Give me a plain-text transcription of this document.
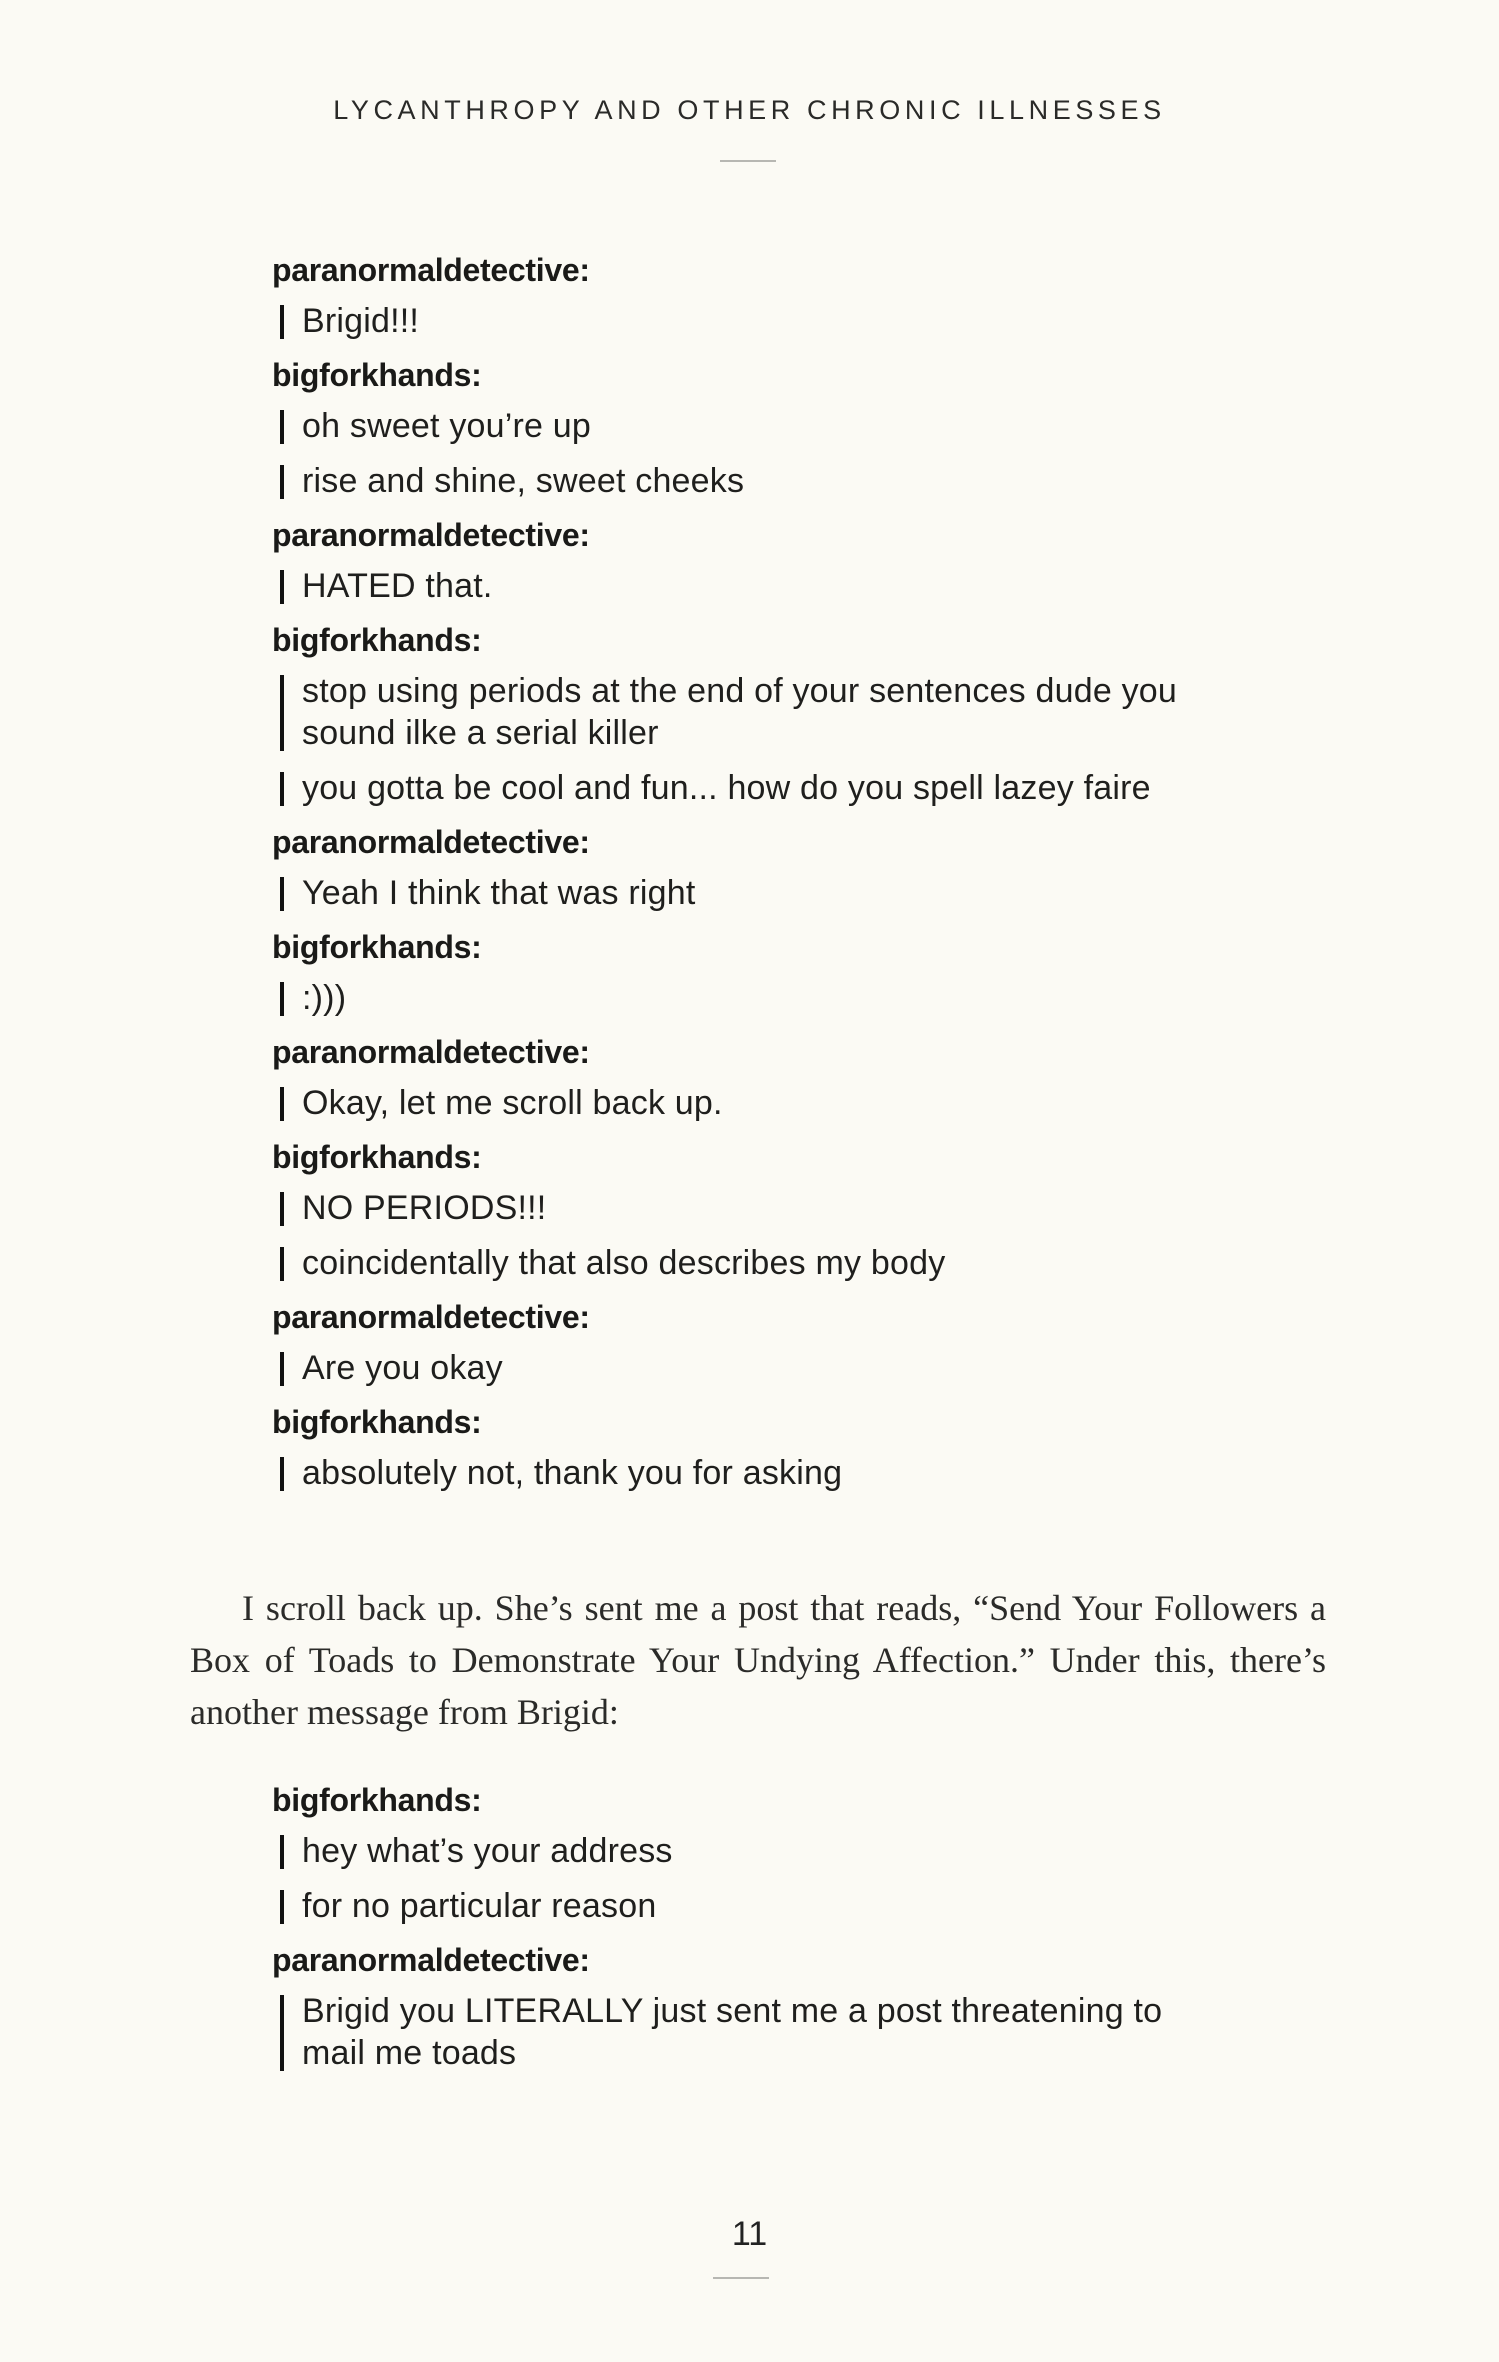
LYCANTHROPY AND OTHER CHRONIC ILLNESSES
paranormaldetective:
Brigid!!!
bigforkhands:
oh sweet you’re up
rise and shine, sweet cheeks
paranormaldetective:
HATED that.
bigforkhands:
stop using periods at the end of your sentences dude you sound ilke a serial killer
you gotta be cool and fun... how do you spell lazey faire
paranormaldetective:
Yeah I think that was right
bigforkhands:
:)))
paranormaldetective:
Okay, let me scroll back up.
bigforkhands:
NO PERIODS!!!
coincidentally that also describes my body
paranormaldetective:
Are you okay
bigforkhands:
absolutely not, thank you for asking

I scroll back up. She’s sent me a post that reads, “Send Your Followers a Box of Toads to Demonstrate Your Undying Affection.” Under this, there’s another message from Brigid:

bigforkhands:
hey what’s your address
for no particular reason
paranormaldetective:
Brigid you LITERALLY just sent me a post threatening to mail me toads
11
